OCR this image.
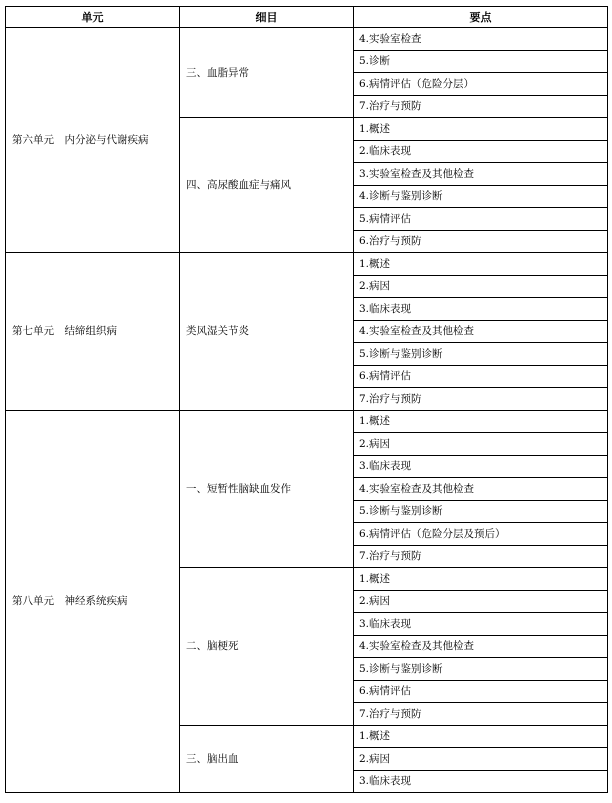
单元	细目	要点
第六单元　内分泌与代谢疾病	三、血脂异常	4.实验室检查
		5.诊断
		6.病情评估（危险分层）
		7.治疗与预防
	四、高尿酸血症与痛风	1.概述
		2.临床表现
		3.实验室检查及其他检查
		4.诊断与鉴别诊断
		5.病情评估
		6.治疗与预防
第七单元　结缔组织病	类风湿关节炎	1.概述
		2.病因
		3.临床表现
		4.实验室检查及其他检查
		5.诊断与鉴别诊断
		6.病情评估
		7.治疗与预防
第八单元　神经系统疾病	一、短暂性脑缺血发作	1.概述
		2.病因
		3.临床表现
		4.实验室检查及其他检查
		5.诊断与鉴别诊断
		6.病情评估（危险分层及预后）
		7.治疗与预防
	二、脑梗死	1.概述
		2.病因
		3.临床表现
		4.实验室检查及其他检查
		5.诊断与鉴别诊断
		6.病情评估
		7.治疗与预防
	三、脑出血	1.概述
		2.病因
		3.临床表现
